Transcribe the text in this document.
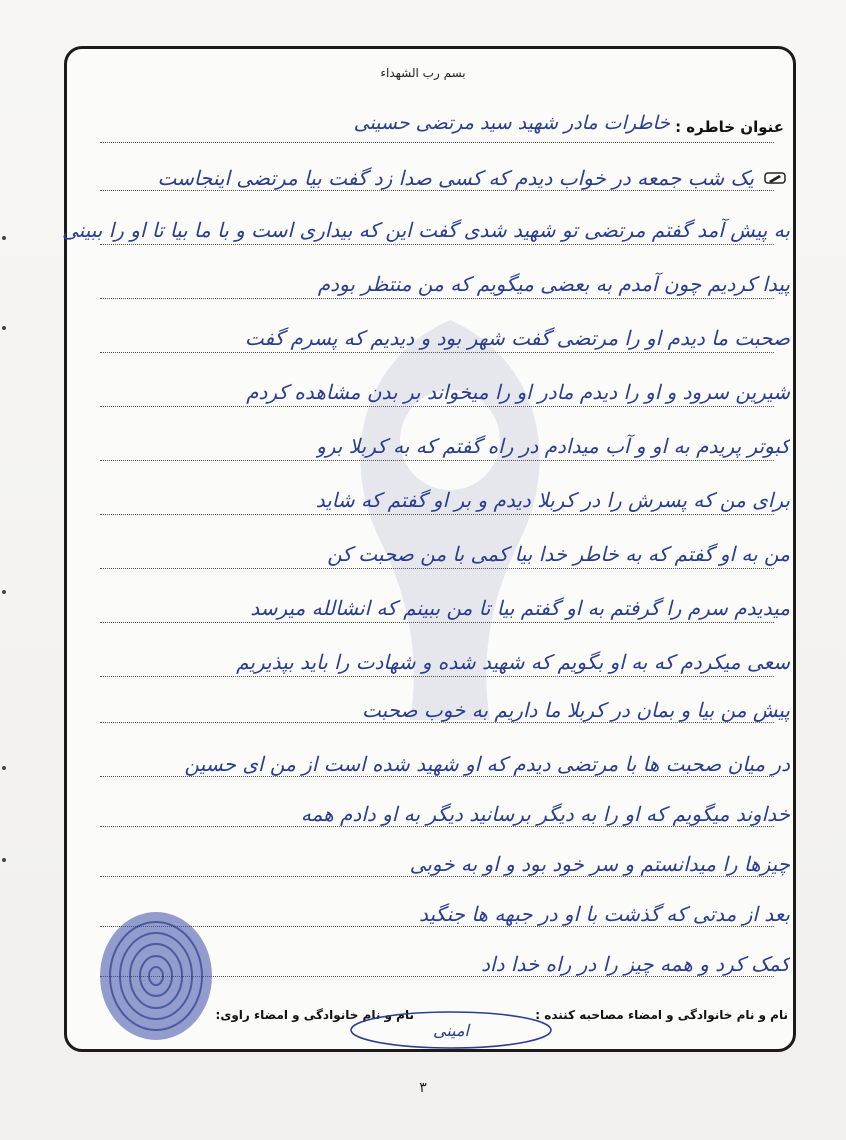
بسم رب الشهداء
عنوان خاطره :
خاطرات مادر شهید سید مرتضی حسینی
یک شب جمعه در خواب دیدم که کسی صدا زد گفت بیا مرتضی اینجاست
به پیش آمد گفتم مرتضی تو شهید شدی گفت این که بیداری است و با ما بیا تا او را ببینی
پیدا کردیم چون آمدم به بعضی میگویم که من منتظر بودم
صحبت ما دیدم او را مرتضی گفت شهر بود و دیدیم که پسرم گفت
شیرین سرود و او را دیدم مادر او را میخواند بر بدن مشاهده کردم
کبوتر پریدم به او و آب میدادم در راه گفتم که به کربلا برو
برای من که پسرش را در کربلا دیدم و بر او گفتم که شاید
من به او گفتم که به خاطر خدا بیا کمی با من صحبت کن
میدیدم سرم را گرفتم به او گفتم بیا تا من ببینم که انشالله میرسد
سعی میکردم که به او بگویم که شهید شده و شهادت را باید بپذیریم
پیش من بیا و بمان در کربلا ما داریم به خوب صحبت
در میان صحبت ها با مرتضی دیدم که او شهید شده است از من ای حسین
خداوند میگویم که او را به دیگر برسانید دیگر به او دادم همه
چیزها را میدانستم و سر خود بود و او به خوبی
بعد از مدتی که گذشت با او در جبهه ها جنگید
کمک کرد و همه چیز را در راه خدا داد
نام و نام خانوادگی و امضاء مصاحبه کننده :
نام و نام خانوادگی و امضاء راوی:
امینی
۳
